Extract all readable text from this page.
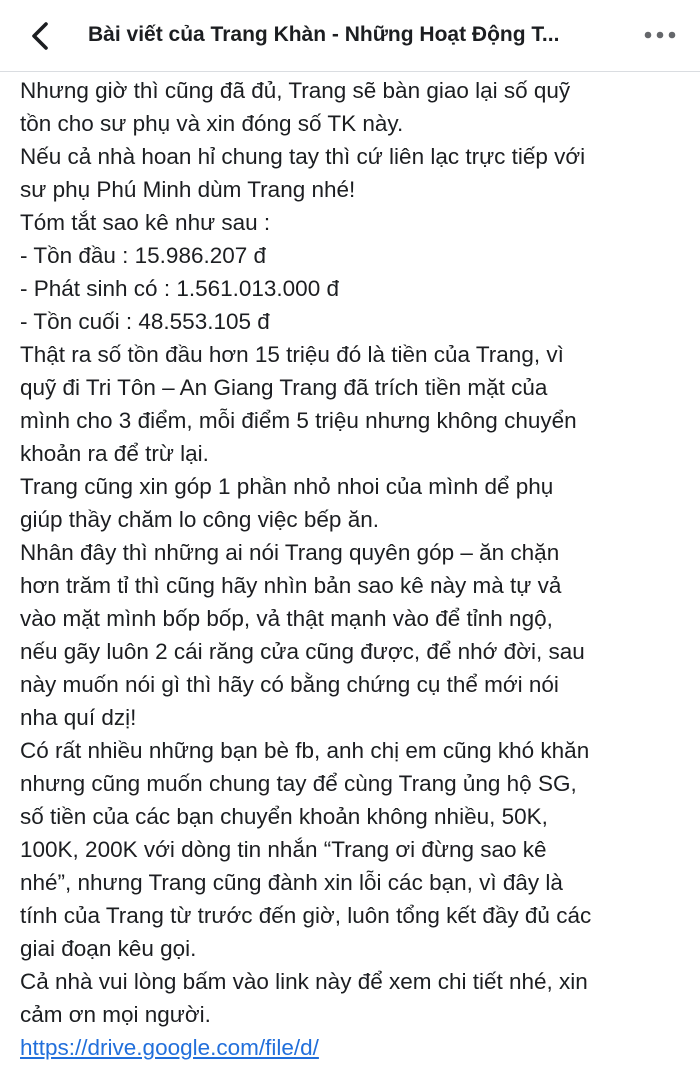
Bài viết của Trang Khàn - Những Hoạt Động T...
Nhưng giờ thì cũng đã đủ, Trang sẽ bàn giao lại số quỹ
tồn cho sư phụ và xin đóng số TK này.
Nếu cả nhà hoan hỉ chung tay thì cứ liên lạc trực tiếp với
sư phụ Phú Minh dùm Trang nhé!
Tóm tắt sao kê như sau :
- Tồn đầu : 15.986.207 đ
- Phát sinh có : 1.561.013.000 đ
- Tồn cuối : 48.553.105 đ
Thật ra số tồn đầu hơn 15 triệu đó là tiền của Trang, vì
quỹ đi Tri Tôn – An Giang Trang đã trích tiền mặt của
mình cho 3 điểm, mỗi điểm 5 triệu nhưng không chuyển
khoản ra để trừ lại.
Trang cũng xin góp 1 phần nhỏ nhoi của mình dể phụ
giúp thầy chăm lo công việc bếp ăn.
Nhân đây thì những ai nói Trang quyên góp – ăn chặn
hơn trăm tỉ thì cũng hãy nhìn bản sao kê này mà tự vả
vào mặt mình bốp bốp, vả thật mạnh vào để tỉnh ngộ,
nếu gãy luôn 2 cái răng cửa cũng được, để nhớ đời, sau
này muốn nói gì thì hãy có bằng chứng cụ thể mới nói
nha quí dzị!
Có rất nhiều những bạn bè fb, anh chị em cũng khó khăn
nhưng cũng muốn chung tay để cùng Trang ủng hộ SG,
số tiền của các bạn chuyển khoản không nhiều, 50K,
100K, 200K với dòng tin nhắn “Trang ơi đừng sao kê
nhé”, nhưng Trang cũng đành xin lỗi các bạn, vì đây là
tính của Trang từ trước đến giờ, luôn tổng kết đầy đủ các
giai đoạn kêu gọi.
Cả nhà vui lòng bấm vào link này để xem chi tiết nhé, xin
cảm ơn mọi người.
https://drive.google.com/file/d/
